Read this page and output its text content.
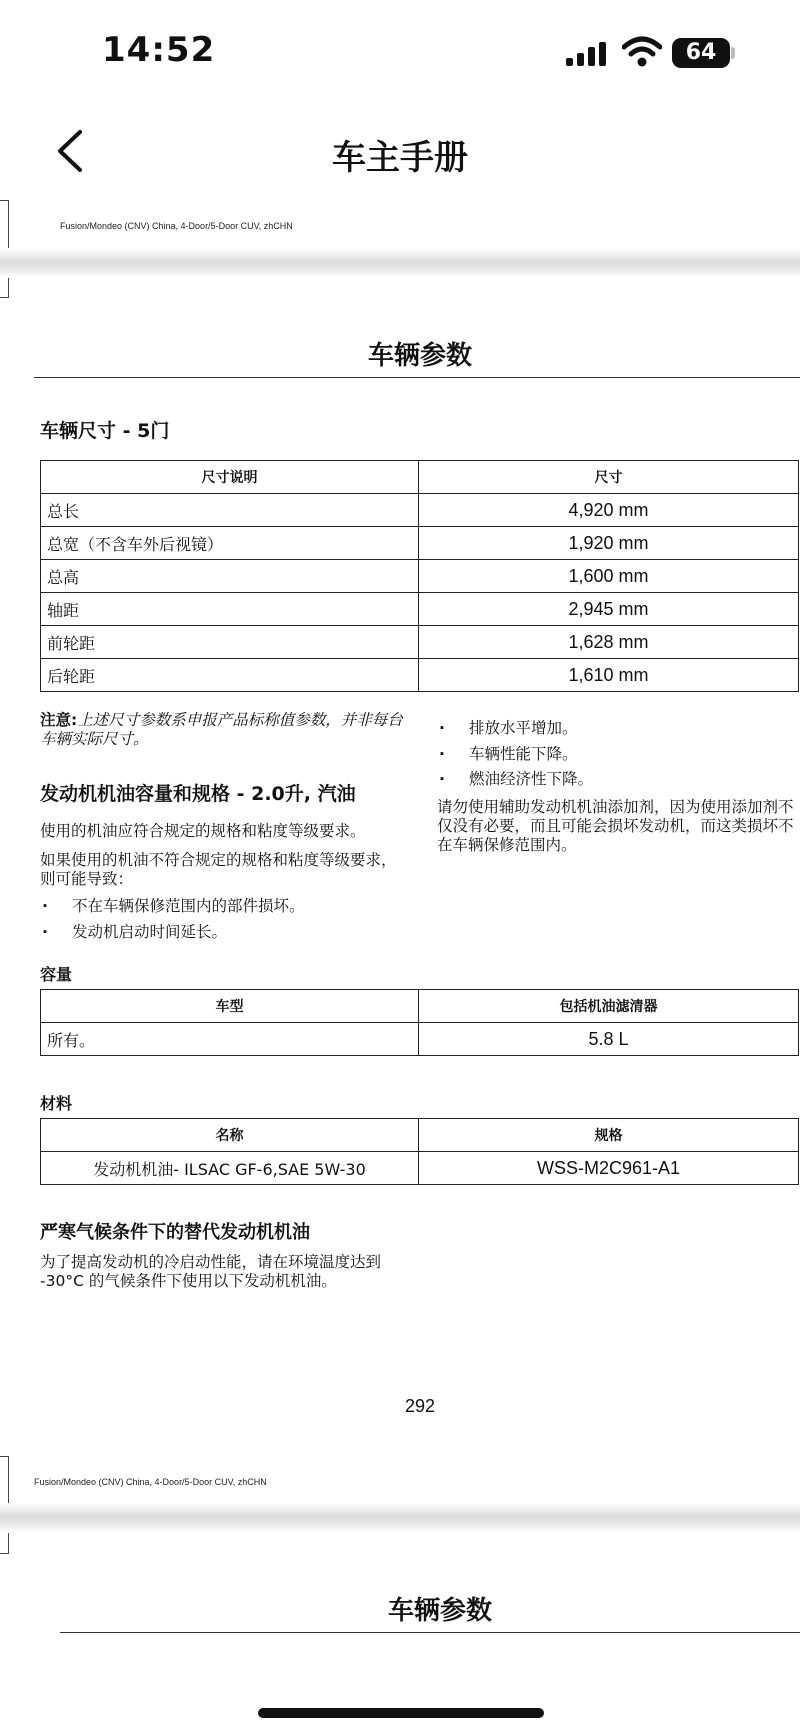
14:52	64
车主手册
Fusion/Mondeo (CNV) China, 4-Door/5-Door CUV, zhCHN
车辆参数
车辆尺寸 - 5门
尺寸说明	尺寸
总长	4,920 mm
总宽（不含车外后视镜）	1,920 mm
总高	1,600 mm
轴距	2,945 mm
前轮距	1,628 mm
后轮距	1,610 mm
注意:上述尺寸参数系申报产品标称值参数，并非每台车辆实际尺寸。
发动机机油容量和规格 - 2.0升, 汽油
使用的机油应符合规定的规格和粘度等级要求。
如果使用的机油不符合规定的规格和粘度等级要求，则可能导致：
· 不在车辆保修范围内的部件损坏。
· 发动机启动时间延长。
· 排放水平增加。
· 车辆性能下降。
· 燃油经济性下降。
请勿使用辅助发动机机油添加剂，因为使用添加剂不仅没有必要，而且可能会损坏发动机，而这类损坏不在车辆保修范围内。
容量
车型	包括机油滤清器
所有。	5.8 L
材料
名称	规格
发动机机油- ILSAC GF-6,SAE 5W-30	WSS-M2C961-A1
严寒气候条件下的替代发动机机油
为了提高发动机的冷启动性能，请在环境温度达到 -30°C 的气候条件下使用以下发动机机油。
292
Fusion/Mondeo (CNV) China, 4-Door/5-Door CUV, zhCHN
车辆参数
